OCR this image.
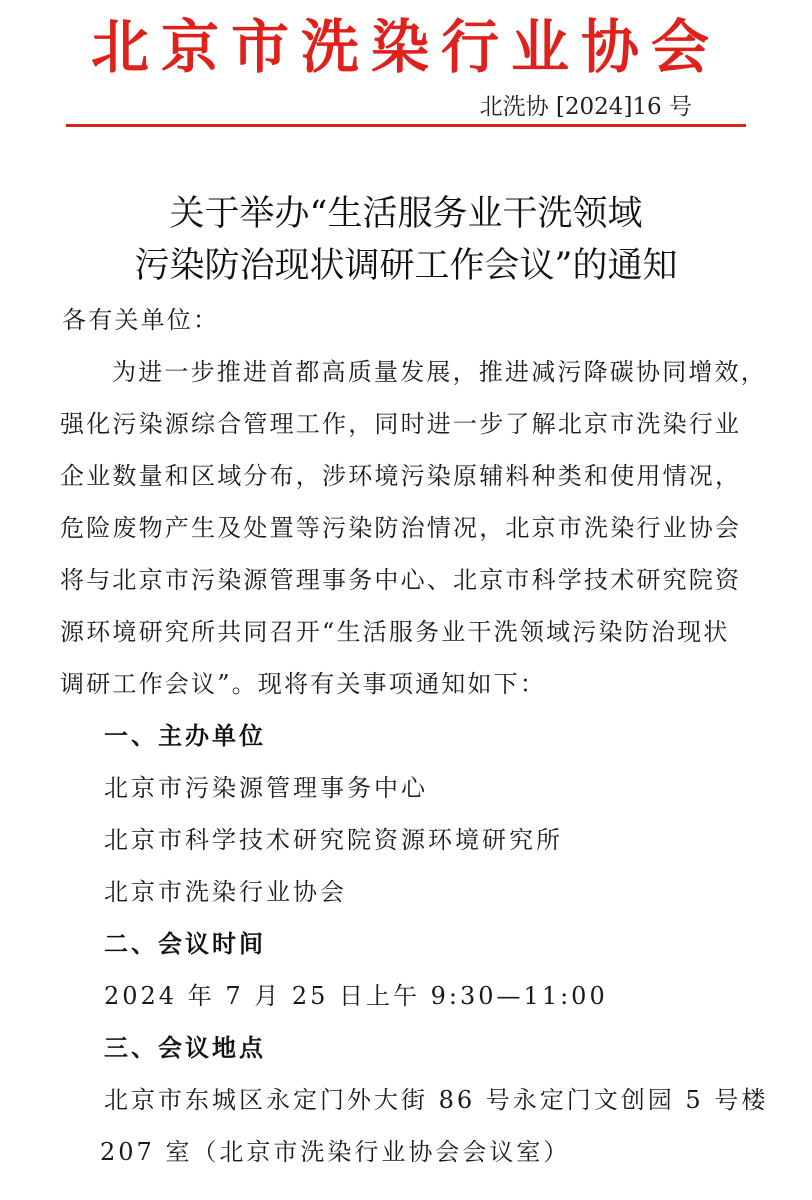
北京市洗染行业协会
北洗协 [2024]16 号
关于举办“生活服务业干洗领域
污染防治现状调研工作会议”的通知
各有关单位：
为进一步推进首都高质量发展，推进减污降碳协同增效，
强化污染源综合管理工作，同时进一步了解北京市洗染行业
企业数量和区域分布，涉环境污染原辅料种类和使用情况，
危险废物产生及处置等污染防治情况，北京市洗染行业协会
将与北京市污染源管理事务中心、北京市科学技术研究院资
源环境研究所共同召开“生活服务业干洗领域污染防治现状
调研工作会议”。现将有关事项通知如下：
一、主办单位
北京市污染源管理事务中心
北京市科学技术研究院资源环境研究所
北京市洗染行业协会
二、会议时间
2024 年 7 月 25 日上午 9:30—11:00
三、会议地点
北京市东城区永定门外大街 86 号永定门文创园 5 号楼
207 室（北京市洗染行业协会会议室）
